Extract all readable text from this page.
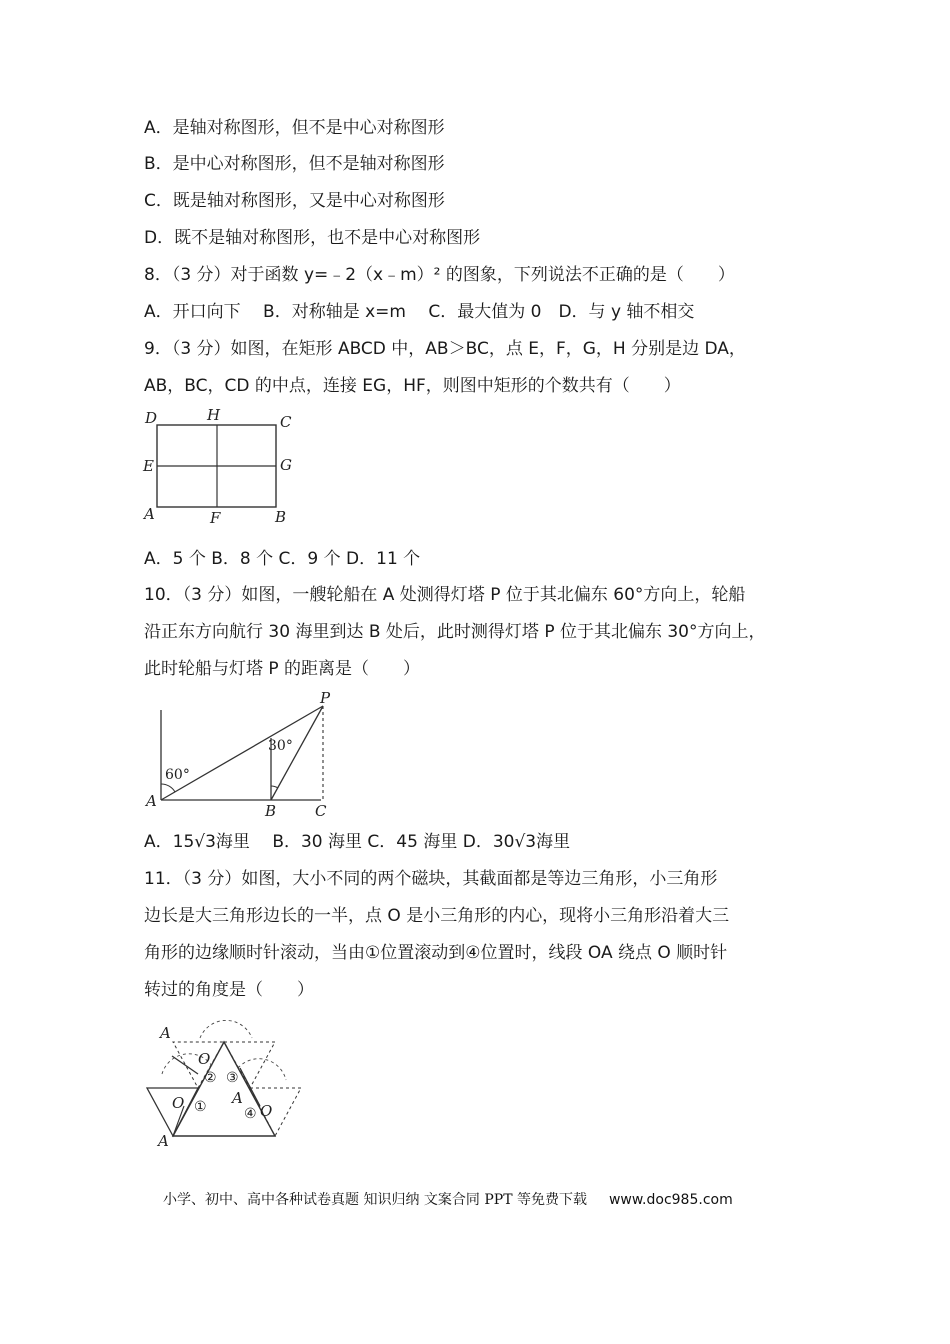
A．是轴对称图形，但不是中心对称图形
B．是中心对称图形，但不是轴对称图形
C．既是轴对称图形，又是中心对称图形
D．既不是轴对称图形，也不是中心对称图形
8．（3 分）对于函数 y=﹣2（x﹣m）² 的图象，下列说法不正确的是（　　）
A．开口向下　 B．对称轴是 x=m　 C．最大值为 0　D．与 y 轴不相交
9．（3 分）如图，在矩形 ABCD 中，AB＞BC，点 E，F，G，H 分别是边 DA，
AB，BC，CD 的中点，连接 EG，HF，则图中矩形的个数共有（　　）
D	H	C
E	G
A	F	B
A．5 个 B．8 个 C．9 个 D．11 个
10．（3 分）如图，一艘轮船在 A 处测得灯塔 P 位于其北偏东 60°方向上，轮船
沿正东方向航行 30 海里到达 B 处后，此时测得灯塔 P 位于其北偏东 30°方向上，
此时轮船与灯塔 P 的距离是（　　）
60°
30°
P
A
B	C
A．15√3海里　 B．30 海里 C．45 海里 D．30√3海里
11．（3 分）如图，大小不同的两个磁块，其截面都是等边三角形，小三角形
边长是大三角形边长的一半，点 O 是小三角形的内心，现将小三角形沿着大三
角形的边缘顺时针滚动，当由①位置滚动到④位置时，线段 OA 绕点 O 顺时针
转过的角度是（　　）
A
O
O
A
A
O
② ③
①	④
小学、初中、高中各种试卷真题 知识归纳 文案合同 PPT 等免费下载 www.doc985.com
